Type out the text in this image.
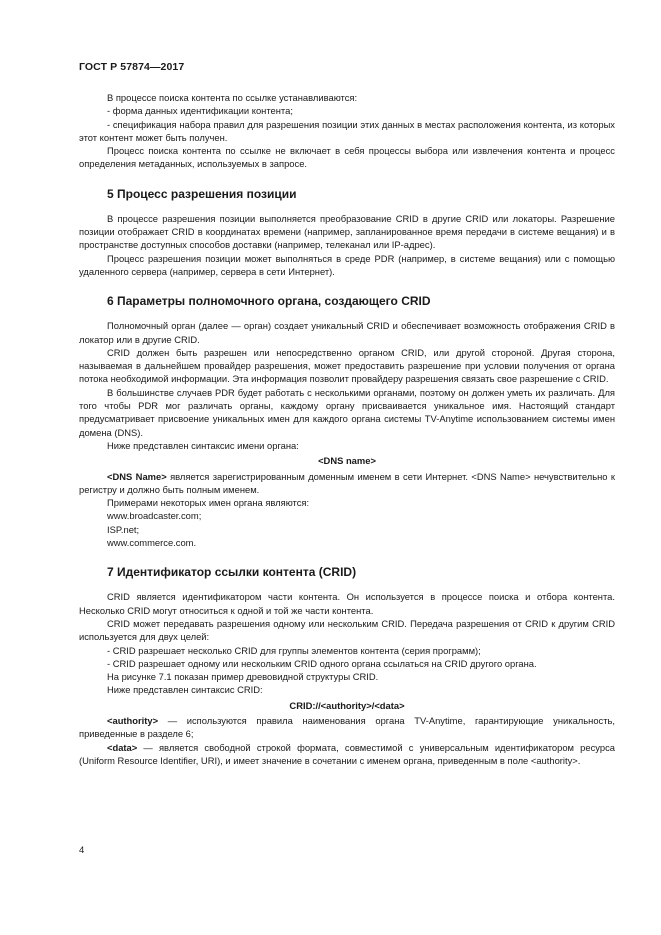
ГОСТ Р 57874—2017

В процессе поиска контента по ссылке устанавливаются:

- форма данных идентификации контента;

- спецификация набора правил для разрешения позиции этих данных в местах расположения контента, из которых этот контент может быть получен.

Процесс поиска контента по ссылке не включает в себя процессы выбора или извлечения контента и процесс определения метаданных, используемых в запросе.

5 Процесс разрешения позиции

В процессе разрешения позиции выполняется преобразование CRID в другие CRID или локаторы. Разрешение позиции отображает CRID в координатах времени (например, запланированное время передачи в системе вещания) и в пространстве доступных способов доставки (например, телеканал или IP-адрес).

Процесс разрешения позиции может выполняться в среде PDR (например, в системе вещания) или с помощью удаленного сервера (например, сервера в сети Интернет).

6 Параметры полномочного органа, создающего CRID

Полномочный орган (далее — орган) создает уникальный CRID и обеспечивает возможность отображения CRID в локатор или в другие CRID.

CRID должен быть разрешен или непосредственно органом CRID, или другой стороной. Другая сторона, называемая в дальнейшем провайдер разрешения, может предоставить разрешение при условии получения от органа потока необходимой информации. Эта информация позволит провайдеру разрешения связать свое разрешение с CRID.

В большинстве случаев PDR будет работать с несколькими органами, поэтому он должен уметь их различать. Для того чтобы PDR мог различать органы, каждому органу присваивается уникальное имя. Настоящий стандарт предусматривает присвоение уникальных имен для каждого органа системы TV-Anytime использованием системы имен домена (DNS).

Ниже представлен синтаксис имени органа:

<DNS name>

<DNS Name> является зарегистрированным доменным именем в сети Интернет. <DNS Name> нечувствительно к регистру и должно быть полным именем.

Примерами некоторых имен органа являются:

www.broadcaster.com;

ISP.net;

www.commerce.com.

7 Идентификатор ссылки контента (CRID)

CRID является идентификатором части контента. Он используется в процессе поиска и отбора контента. Несколько CRID могут относиться к одной и той же части контента.

CRID может передавать разрешения одному или нескольким CRID. Передача разрешения от CRID к другим CRID используется для двух целей:

- CRID разрешает несколько CRID для группы элементов контента (серия программ);

- CRID разрешает одному или нескольким CRID одного органа ссылаться на CRID другого органа.

На рисунке 7.1 показан пример древовидной структуры CRID.

Ниже представлен синтаксис CRID:

CRID://<authority>/<data>

<authority> — используются правила наименования органа TV-Anytime, гарантирующие уникальность, приведенные в разделе 6;

<data> — является свободной строкой формата, совместимой с универсальным идентификатором ресурса (Uniform Resource Identifier, URI), и имеет значение в сочетании с именем органа, приведенным в поле <authority>.

4
